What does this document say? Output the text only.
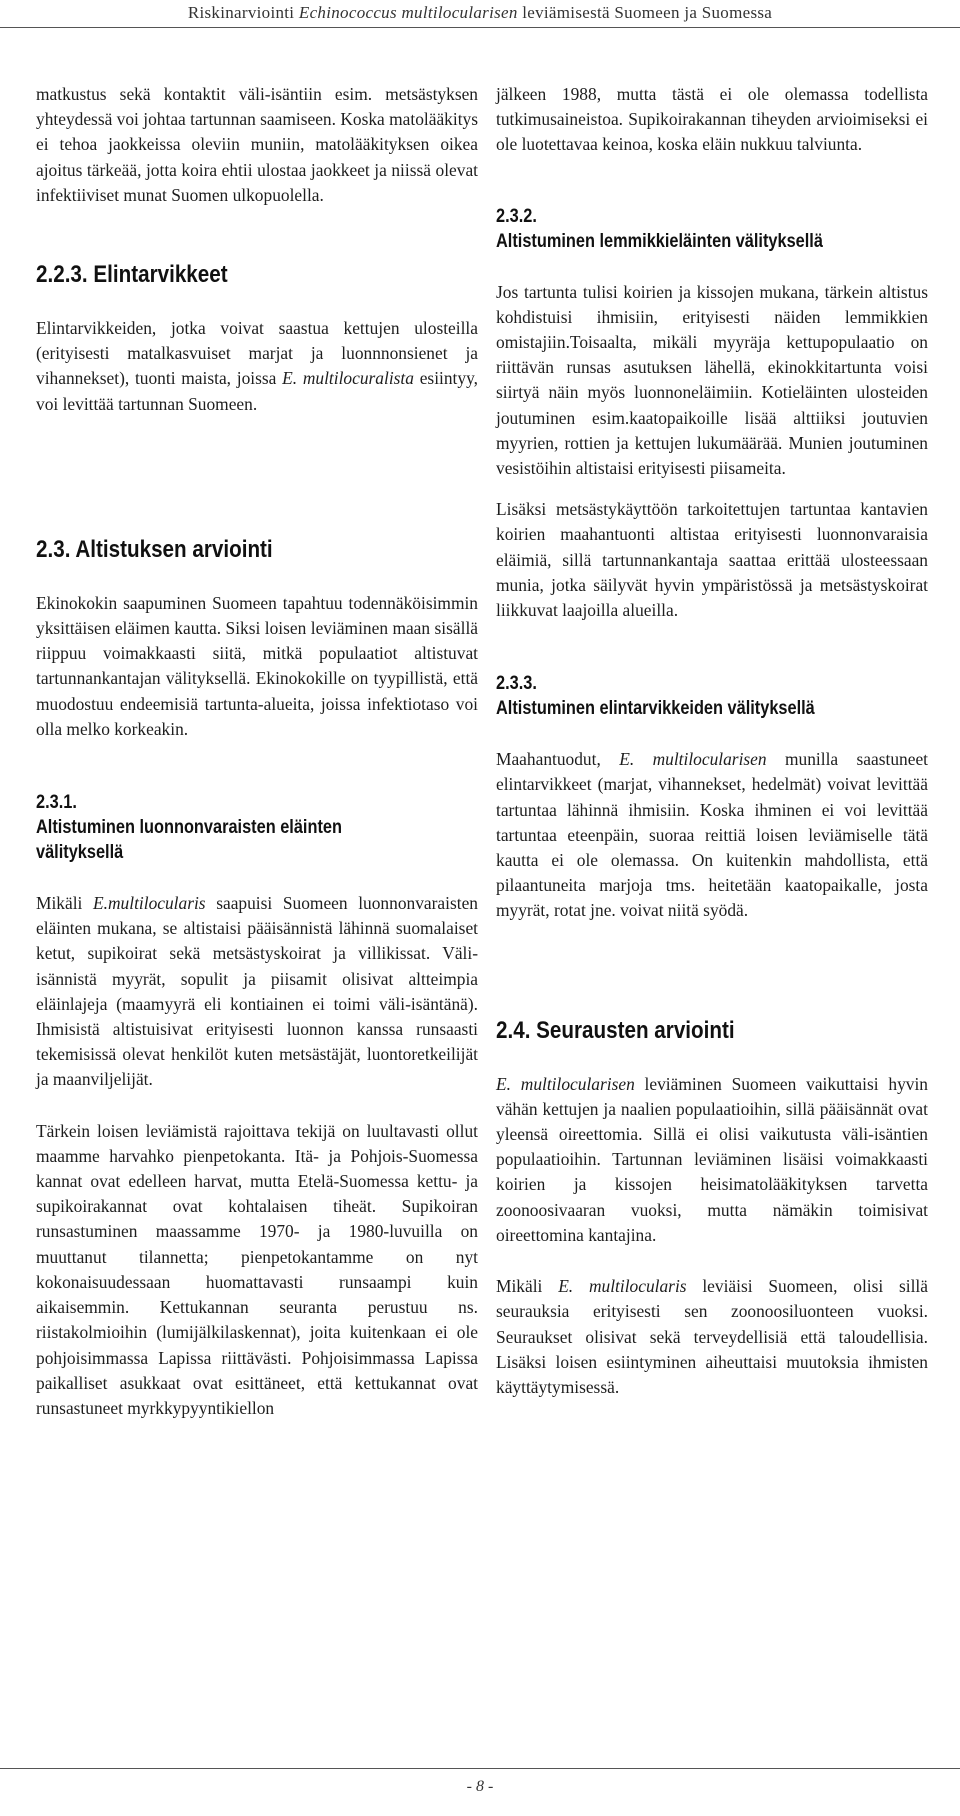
Riskinarviointi Echinococcus multilocularisen leviämisestä Suomeen ja Suomessa

matkustus sekä kontaktit väli-isäntiin esim. metsästyksen yhteydessä voi johtaa tartunnan saamiseen. Koska matolääkitys ei tehoa jaokkeissa oleviin muniin, matolääkityksen oikea ajoitus tärkeää, jotta koira ehtii ulostaa jaokkeet ja niissä olevat infektiiviset munat Suomen ulkopuolella.

2.2.3. Elintarvikkeet

Elintarvikkeiden, jotka voivat saastua kettujen ulosteilla (erityisesti matalkasvuiset marjat ja luonnnonsienet ja vihannekset), tuonti maista, joissa E. multilocuralista esiintyy, voi levittää tartunnan Suomeen.

2.3. Altistuksen arviointi

Ekinokokin saapuminen Suomeen tapahtuu todennäköisimmin yksittäisen eläimen kautta. Siksi loisen leviäminen maan sisällä riippuu voimakkaasti siitä, mitkä populaatiot altistuvat tartunnankantajan välityksellä. Ekinokokille on tyypillistä, että muodostuu endeemisiä tartunta-alueita, joissa infektiotaso voi olla melko korkeakin.

2.3.1.
Altistuminen luonnonvaraisten eläinten välityksellä

Mikäli E.multilocularis saapuisi Suomeen luonnonvaraisten eläinten mukana, se altistaisi pääisännistä lähinnä suomalaiset ketut, supikoirat sekä metsästyskoirat ja villikissat. Väli-isännistä myyrät, sopulit ja piisamit olisivat altteimpia eläinlajeja (maamyyrä eli kontiainen ei toimi väli-isäntänä). Ihmisistä altistuisivat erityisesti luonnon kanssa runsaasti tekemisissä olevat henkilöt kuten metsästäjät, luontoretkeilijät ja maanviljelijät.

Tärkein loisen leviämistä rajoittava tekijä on luultavasti ollut maamme harvahko pienpetokanta. Itä- ja Pohjois-Suomessa kannat ovat edelleen harvat, mutta Etelä-Suomessa kettu- ja supikoirakannat ovat kohtalaisen tiheät. Supikoiran runsastuminen maassamme 1970- ja 1980-luvuilla on muuttanut tilannetta; pienpetokantamme on nyt kokonaisuudessaan huomattavasti runsaampi kuin aikaisemmin. Kettukannan seuranta perustuu ns. riistakolmioihin (lumijälkilaskennat), joita kuitenkaan ei ole pohjoisimmassa Lapissa riittävästi. Pohjoisimmassa Lapissa paikalliset asukkaat ovat esittäneet, että kettukannat ovat runsastuneet myrkkypyyntikiellon

jälkeen 1988, mutta tästä ei ole olemassa todellista tutkimusaineistoa. Supikoirakannan tiheyden arvioimiseksi ei ole luotettavaa keinoa, koska eläin nukkuu talviunta.

2.3.2.
Altistuminen lemmikkieläinten välityksellä

Jos tartunta tulisi koirien ja kissojen mukana, tärkein altistus kohdistuisi ihmisiin, erityisesti näiden lemmikkien omistajiin.Toisaalta, mikäli myyräja kettupopulaatio on riittävän runsas asutuksen lähellä, ekinokkitartunta voisi siirtyä näin myös luonnoneläimiin. Kotieläinten ulosteiden joutuminen esim.kaatopaikoille lisää alttiiksi joutuvien myyrien, rottien ja kettujen lukumäärää. Munien joutuminen vesistöihin altistaisi erityisesti piisameita.

Lisäksi metsästykäyttöön tarkoitettujen tartuntaa kantavien koirien maahantuonti altistaa erityisesti luonnonvaraisia eläimiä, sillä tartunnankantaja saattaa erittää ulosteessaan munia, jotka säilyvät hyvin ympäristössä ja metsästyskoirat liikkuvat laajoilla alueilla.

2.3.3.
Altistuminen elintarvikkeiden välityksellä

Maahantuodut, E. multilocularisen munilla saastuneet elintarvikkeet (marjat, vihannekset, hedelmät) voivat levittää tartuntaa lähinnä ihmisiin. Koska ihminen ei voi levittää tartuntaa eteenpäin, suoraa reittiä loisen leviämiselle tätä kautta ei ole olemassa. On kuitenkin mahdollista, että pilaantuneita marjoja tms. heitetään kaatopaikalle, josta myyrät, rotat jne. voivat niitä syödä.

2.4. Seurausten arviointi

E. multilocularisen leviäminen Suomeen vaikuttaisi hyvin vähän kettujen ja naalien populaatioihin, sillä pääisännät ovat yleensä oireettomia. Sillä ei olisi vaikutusta väli-isäntien populaatioihin. Tartunnan leviäminen lisäisi voimakkaasti koirien ja kissojen heisimatolääkityksen tarvetta zoonoosivaaran vuoksi, mutta nämäkin toimisivat oireettomina kantajina.

Mikäli E. multilocularis leviäisi Suomeen, olisi sillä seurauksia erityisesti sen zoonoosiluonteen vuoksi. Seuraukset olisivat sekä terveydellisiä että taloudellisia. Lisäksi loisen esiintyminen aiheuttaisi muutoksia ihmisten käyttäytymisessä.

- 8 -
